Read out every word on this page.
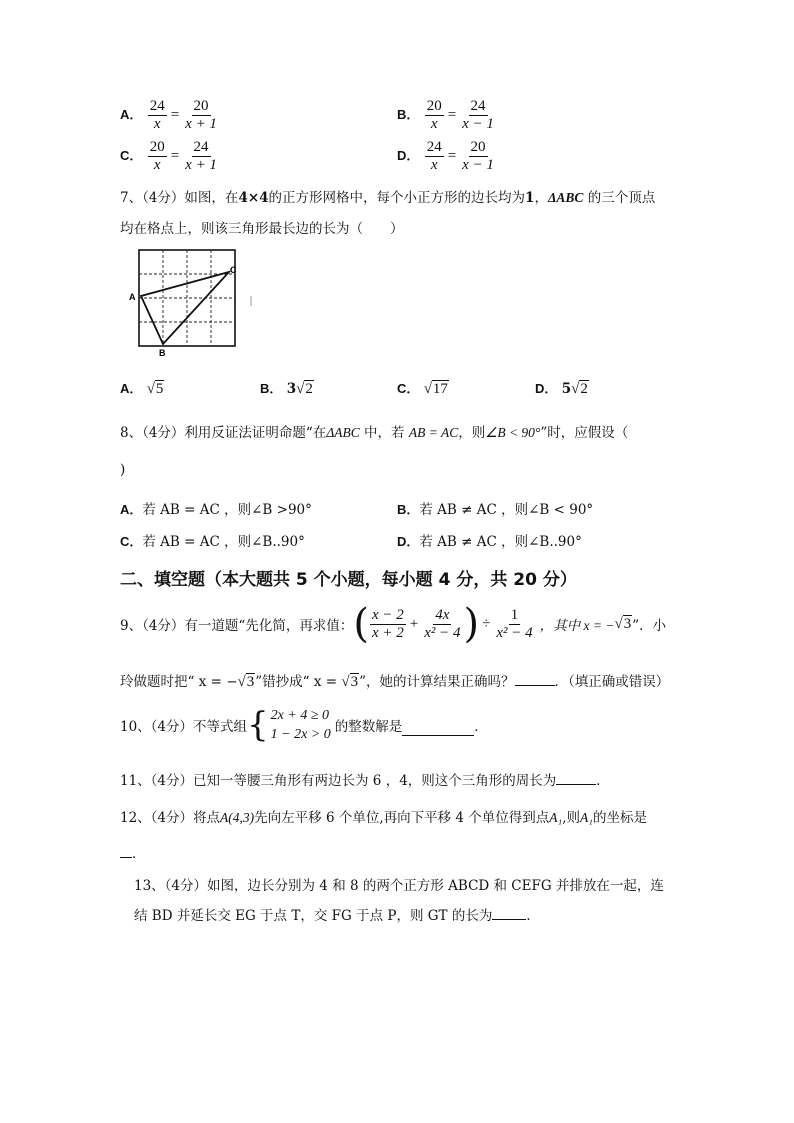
A． $\frac{24}{x} = \frac{20}{x + 1}$	B． $\frac{20}{x} = \frac{24}{x - 1}$
C． $\frac{20}{x} = \frac{24}{x + 1}$	D． $\frac{24}{x} = \frac{20}{x - 1}$
7、（4分）如图，在4×4的正方形网格中，每个小正方形的边长均为1，ΔABC 的三个顶点
均在格点上，则该三角形最长边的长为（　　）
A
B
C
A． √5	B． 3√2	C． √17	D． 5√2
8、（4分）利用反证法证明命题“在ΔABC 中，若 AB = AC，则∠B < 90°”时，应假设（
)
A．若 AB = AC ，则∠B >90°	B．若 AB ≠ AC ，则∠B < 90°
C．若 AB = AC ，则∠B..90°	D．若 AB ≠ AC ，则∠B..90°
二、填空题（本大题共 5 个小题，每小题 4 分，共 20 分）
9、（4分）有一道题“先化简，再求值： ( $\frac{x - 2}{x + 2} + \frac{4x}{\text{x² − 4}}$ ) ÷ $\frac{1}{\text{x² − 4}}$ ，其中 x = − √3 ”．小
玲做题时把“ x = −√3”错抄成“ x = √3”，她的计算结果正确吗？	．（填正确或错误）
10、（4分）不等式组 { 2x + 4 ≥ 0
1 − 2x > 0 的整数解是	．
11、（4分）已知一等腰三角形有两边长为 6 ，4，则这个三角形的周长为	．
12、（4分）将点A(4,3)先向左平移 6 个单位,再向下平移 4 个单位得到点A₁,则A₁的坐标是
．
13、（4分）如图，边长分别为 4 和 8 的两个正方形 ABCD 和 CEFG 并排放在一起，连
结 BD 并延长交 EG 于点 T，交 FG 于点 P，则 GT 的长为	．
